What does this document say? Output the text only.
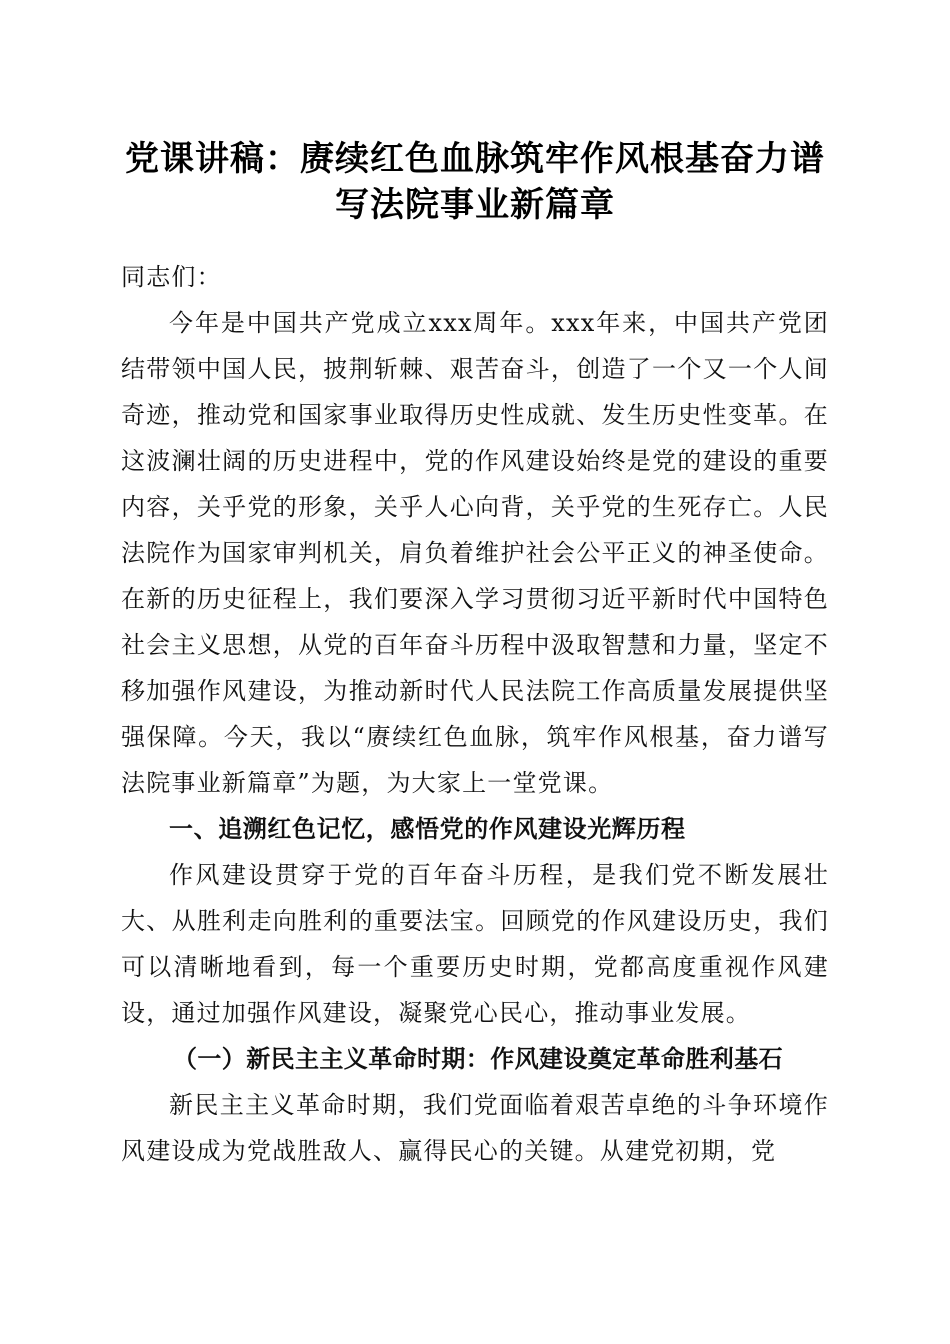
党课讲稿：赓续红色血脉筑牢作风根基奋力谱
写法院事业新篇章

同志们：

今年是中国共产党成立xxx周年。xxx年来，中国共产党团结带领中国人民，披荆斩棘、艰苦奋斗，创造了一个又一个人间奇迹，推动党和国家事业取得历史性成就、发生历史性变革。在这波澜壮阔的历史进程中，党的作风建设始终是党的建设的重要内容，关乎党的形象，关乎人心向背，关乎党的生死存亡。人民法院作为国家审判机关，肩负着维护社会公平正义的神圣使命。在新的历史征程上，我们要深入学习贯彻习近平新时代中国特色社会主义思想，从党的百年奋斗历程中汲取智慧和力量，坚定不移加强作风建设，为推动新时代人民法院工作高质量发展提供坚强保障。今天，我以“赓续红色血脉，筑牢作风根基，奋力谱写法院事业新篇章”为题，为大家上一堂党课。

一、追溯红色记忆，感悟党的作风建设光辉历程

作风建设贯穿于党的百年奋斗历程，是我们党不断发展壮大、从胜利走向胜利的重要法宝。回顾党的作风建设历史，我们可以清晰地看到，每一个重要历史时期，党都高度重视作风建设，通过加强作风建设，凝聚党心民心，推动事业发展。

（一）新民主主义革命时期：作风建设奠定革命胜利基石

新民主主义革命时期，我们党面临着艰苦卓绝的斗争环境作风建设成为党战胜敌人、赢得民心的关键。从建党初期，党
